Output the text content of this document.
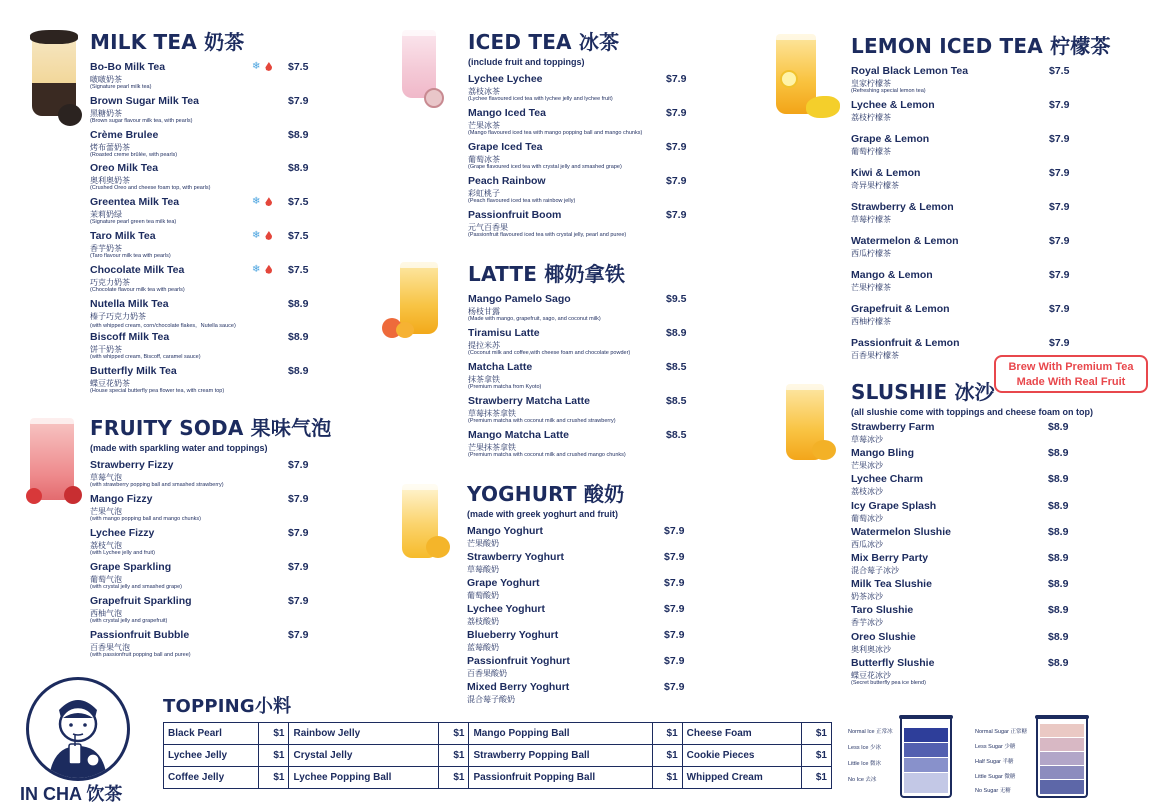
MILK TEA 奶茶
Bo-Bo Milk Tea
啵啵奶茶
(Signature pearl milk tea)
❄	$7.5
Brown Sugar Milk Tea
黑糖奶茶
(Brown sugar flavour milk tea, with pearls)
$7.9
Crème Brulee
烤布蕾奶茶
(Roasted creme brûlée, with pearls)
$8.9
Oreo Milk Tea
奥利奥奶茶
(Crushed Oreo and cheese foam top, with pearls)
$8.9
Greentea Milk Tea
茉莉奶绿
(Signature pearl green tea milk tea)
❄	$7.5
Taro Milk Tea
香芋奶茶
(Taro flavour milk tea with pearls)
❄	$7.5
Chocolate Milk Tea
巧克力奶茶
(Chocolate flavour milk tea with pearls)
❄	$7.5
Nutella Milk Tea
榛子巧克力奶茶
(with whipped cream, corn/chocolate flakes，Nutella sauce)
$8.9
Biscoff Milk Tea
饼干奶茶
(with whipped cream, Biscoff, caramel sauce)
$8.9
Butterfly Milk Tea
蝶豆花奶茶
(House special butterfly pea flower tea, with cream top)
$8.9
FRUITY SODA 果味气泡
(made with sparkling water and toppings)
Strawberry Fizzy
草莓气泡
(with strawberry popping ball and smashed strawberry)
$7.9
Mango Fizzy
芒果气泡
(with mango popping ball and mango chunks)
$7.9
Lychee Fizzy
荔枝气泡
(with Lychee jelly and fruit)
$7.9
Grape Sparkling
葡萄气泡
(with crystal jelly and smashed grape)
$7.9
Grapefruit Sparkling
西柚气泡
(with crystal jelly and grapefruit)
$7.9
Passionfruit Bubble
百香果气泡
(with passionfruit popping ball and puree)
$7.9
ICED TEA 冰茶
(include fruit and toppings)
Lychee Lychee
荔枝冰茶
(Lychee flavoured iced tea with lychee jelly and lychee fruit)
$7.9
Mango Iced Tea
芒果冰茶
(Mango flavoured iced tea with mango popping ball and mango chunks)
$7.9
Grape Iced Tea
葡萄冰茶
(Grape flavoured iced tea with crystal jelly and smashed grape)
$7.9
Peach Rainbow
彩虹桃子
(Peach flavoured iced tea with rainbow jelly)
$7.9
Passionfruit Boom
元气百香果
(Passionfruit flavoured iced tea with crystal jelly, pearl and puree)
$7.9
LATTE 椰奶拿铁
Mango Pamelo Sago
杨枝甘露
(Made with mango, grapefruit, sago, and coconut milk)
$9.5
Tiramisu Latte
提拉米苏
(Coconut milk and coffee,with cheese foam and chocolate powder)
$8.9
Matcha Latte
抹茶拿铁
(Premium matcha from Kyoto)
$8.5
Strawberry Matcha Latte
草莓抹茶拿铁
(Premium matcha with coconut milk and crushed strawberry)
$8.5
Mango Matcha Latte
芒果抹茶拿铁
(Premium matcha with coconut milk and crushed mango chunks)
$8.5
YOGHURT 酸奶
(made with greek yoghurt and fruit)
Mango Yoghurt
芒果酸奶
$7.9
Strawberry Yoghurt
草莓酸奶
$7.9
Grape Yoghurt
葡萄酸奶
$7.9
Lychee Yoghurt
荔枝酸奶
$7.9
Blueberry Yoghurt
蓝莓酸奶
$7.9
Passionfruit Yoghurt
百香果酸奶
$7.9
Mixed Berry Yoghurt
混合莓子酸奶
$7.9
LEMON ICED TEA 柠檬茶
Royal Black Lemon Tea
皇家柠檬茶
(Refreshing special lemon tea)
$7.5
Lychee & Lemon
荔枝柠檬茶
$7.9
Grape & Lemon
葡萄柠檬茶
$7.9
Kiwi & Lemon
奇异果柠檬茶
$7.9
Strawberry & Lemon
草莓柠檬茶
$7.9
Watermelon & Lemon
西瓜柠檬茶
$7.9
Mango & Lemon
芒果柠檬茶
$7.9
Grapefruit & Lemon
西柚柠檬茶
$7.9
Passionfruit & Lemon
百香果柠檬茶
$7.9
Brew With Premium Tea
Made With Real Fruit
SLUSHIE 冰沙
(all slushie come with toppings and cheese foam on top)
Strawberry Farm
草莓冰沙
$8.9
Mango Bling
芒果冰沙
$8.9
Lychee Charm
荔枝冰沙
$8.9
Icy Grape Splash
葡萄冰沙
$8.9
Watermelon Slushie
西瓜冰沙
$8.9
Mix Berry Party
混合莓子冰沙
$8.9
Milk Tea Slushie
奶茶冰沙
$8.9
Taro Slushie
香芋冰沙
$8.9
Oreo Slushie
奥利奥冰沙
$8.9
Butterfly Slushie
蝶豆花冰沙
(Secret butterfly pea ice blend)
$8.9
TOPPING小料
Black Pearl	$1	Rainbow Jelly	$1	Mango Popping Ball	$1	Cheese Foam	$1
Lychee Jelly	$1	Crystal Jelly	$1	Strawberry Popping Ball	$1	Cookie Pieces	$1
Coffee Jelly	$1	Lychee Popping Ball	$1	Passionfruit Popping Ball	$1	Whipped Cream	$1
IN CHA 饮茶
Normal Ice 正常冰
Less Ice 少冰
Little Ice 微冰
No Ice 去冰
Normal Sugar 正常糖
Less Sugar 少糖
Half Sugar 半糖
Little Sugar 微糖
No Sugar 无糖
